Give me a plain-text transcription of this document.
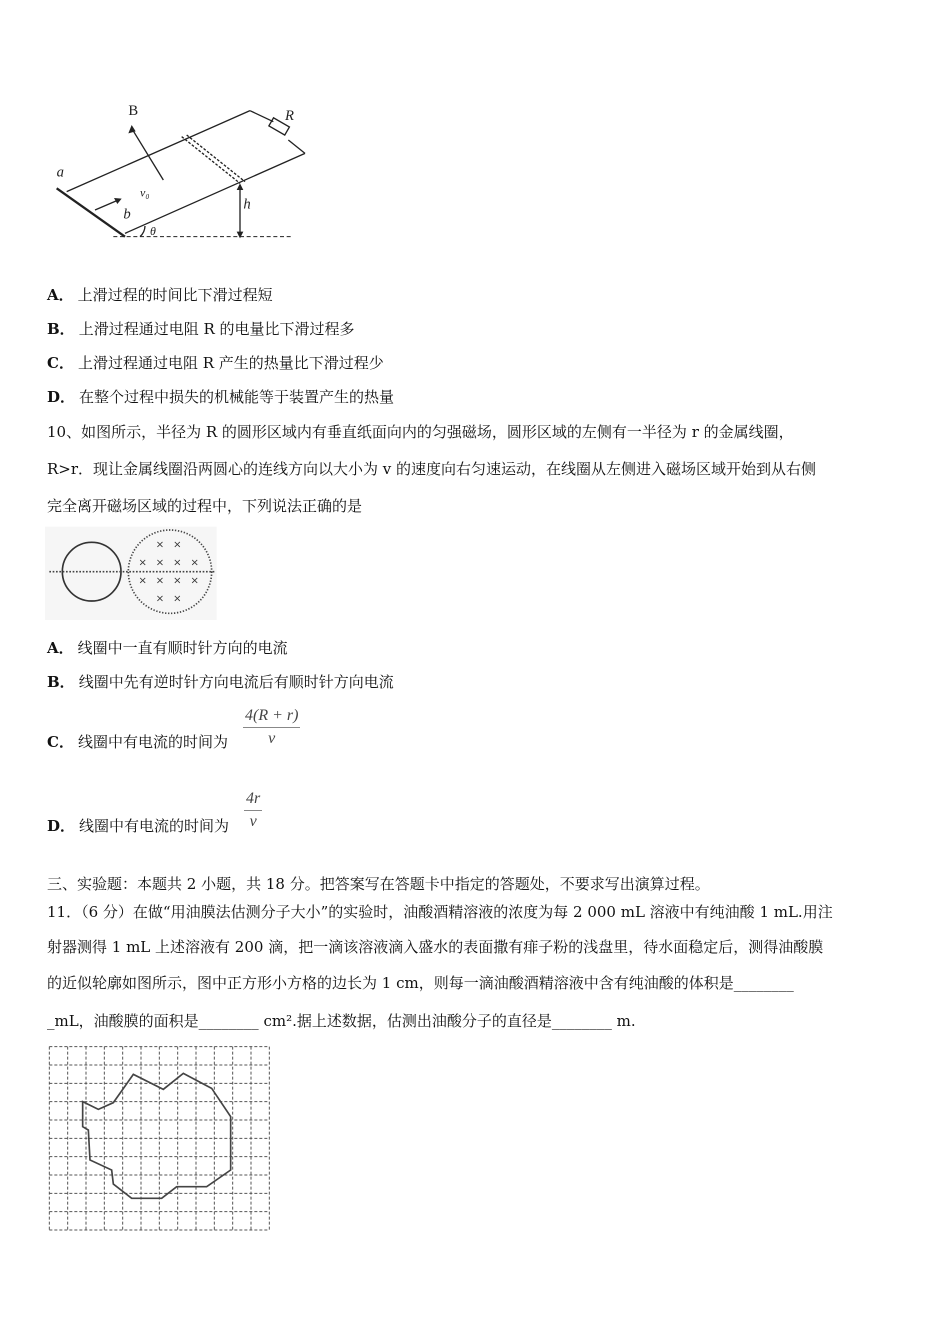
B	R
a
b
v₀
h
θ
A． 上滑过程的时间比下滑过程短
B． 上滑过程通过电阻 R 的电量比下滑过程多
C． 上滑过程通过电阻 R 产生的热量比下滑过程少
D． 在整个过程中损失的机械能等于装置产生的热量
10、如图所示，半径为 R 的圆形区域内有垂直纸面向内的匀强磁场，圆形区域的左侧有一半径为 r 的金属线圈，
R>r．现让金属线圈沿两圆心的连线方向以大小为 v 的速度向右匀速运动，在线圈从左侧进入磁场区域开始到从右侧
完全离开磁场区域的过程中，下列说法正确的是
× ×
× × × ×
× × × ×
× ×
A． 线圈中一直有顺时针方向的电流
B． 线圈中先有逆时针方向电流后有顺时针方向电流
C． 线圈中有电流的时间为 $\frac{4(R + r)}{v}$
D． 线圈中有电流的时间为 $\frac{4r}{v}$
三、实验题：本题共 2 小题，共 18 分。把答案写在答题卡中指定的答题处，不要求写出演算过程。
11．（6 分）在做“用油膜法估测分子大小”的实验时，油酸酒精溶液的浓度为每 2 000 mL 溶液中有纯油酸 1 mL.用注
射器测得 1 mL 上述溶液有 200 滴，把一滴该溶液滴入盛水的表面撒有痱子粉的浅盘里，待水面稳定后，测得油酸膜
的近似轮廓如图所示，图中正方形小方格的边长为 1 cm，则每一滴油酸酒精溶液中含有纯油酸的体积是________
_mL，油酸膜的面积是________ cm².据上述数据，估测出油酸分子的直径是________ m.
